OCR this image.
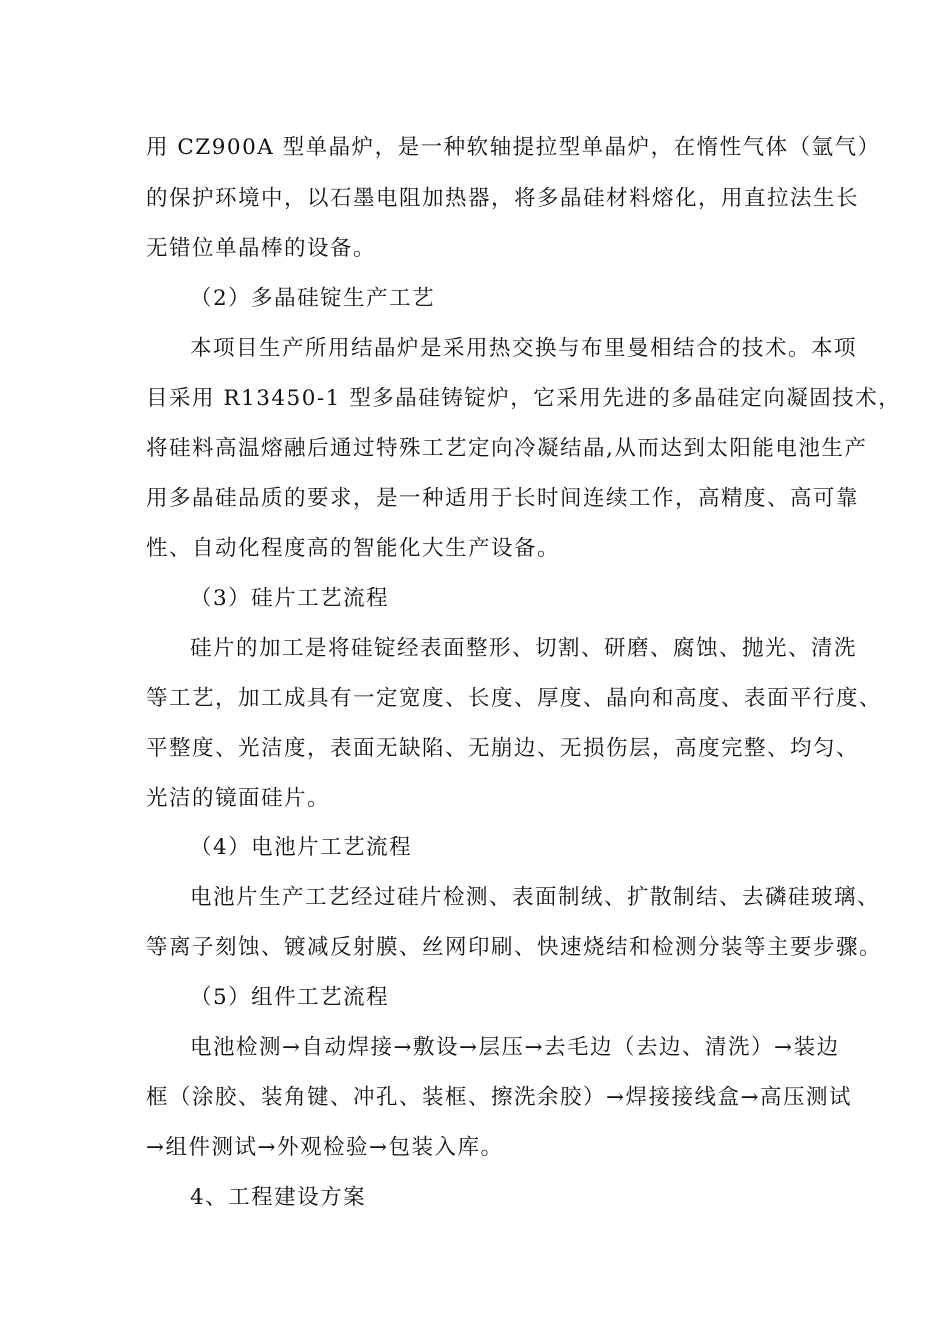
用 CZ900A 型单晶炉，是一种软轴提拉型单晶炉，在惰性气体（氩气）
的保护环境中，以石墨电阻加热器，将多晶硅材料熔化，用直拉法生长
无错位单晶棒的设备。
（2）多晶硅锭生产工艺
本项目生产所用结晶炉是采用热交换与布里曼相结合的技术。本项
目采用 R13450-1 型多晶硅铸锭炉，它采用先进的多晶硅定向凝固技术，
将硅料高温熔融后通过特殊工艺定向冷凝结晶,从而达到太阳能电池生产
用多晶硅品质的要求，是一种适用于长时间连续工作，高精度、高可靠
性、自动化程度高的智能化大生产设备。
（3）硅片工艺流程
硅片的加工是将硅锭经表面整形、切割、研磨、腐蚀、抛光、清洗
等工艺，加工成具有一定宽度、长度、厚度、晶向和高度、表面平行度、
平整度、光洁度，表面无缺陷、无崩边、无损伤层，高度完整、均匀、
光洁的镜面硅片。
（4）电池片工艺流程
电池片生产工艺经过硅片检测、表面制绒、扩散制结、去磷硅玻璃、
等离子刻蚀、镀减反射膜、丝网印刷、快速烧结和检测分装等主要步骤。
（5）组件工艺流程
电池检测→自动焊接→敷设→层压→去毛边（去边、清洗）→装边
框（涂胶、装角键、冲孔、装框、擦洗余胶）→焊接接线盒→高压测试
→组件测试→外观检验→包装入库。
4、工程建设方案
